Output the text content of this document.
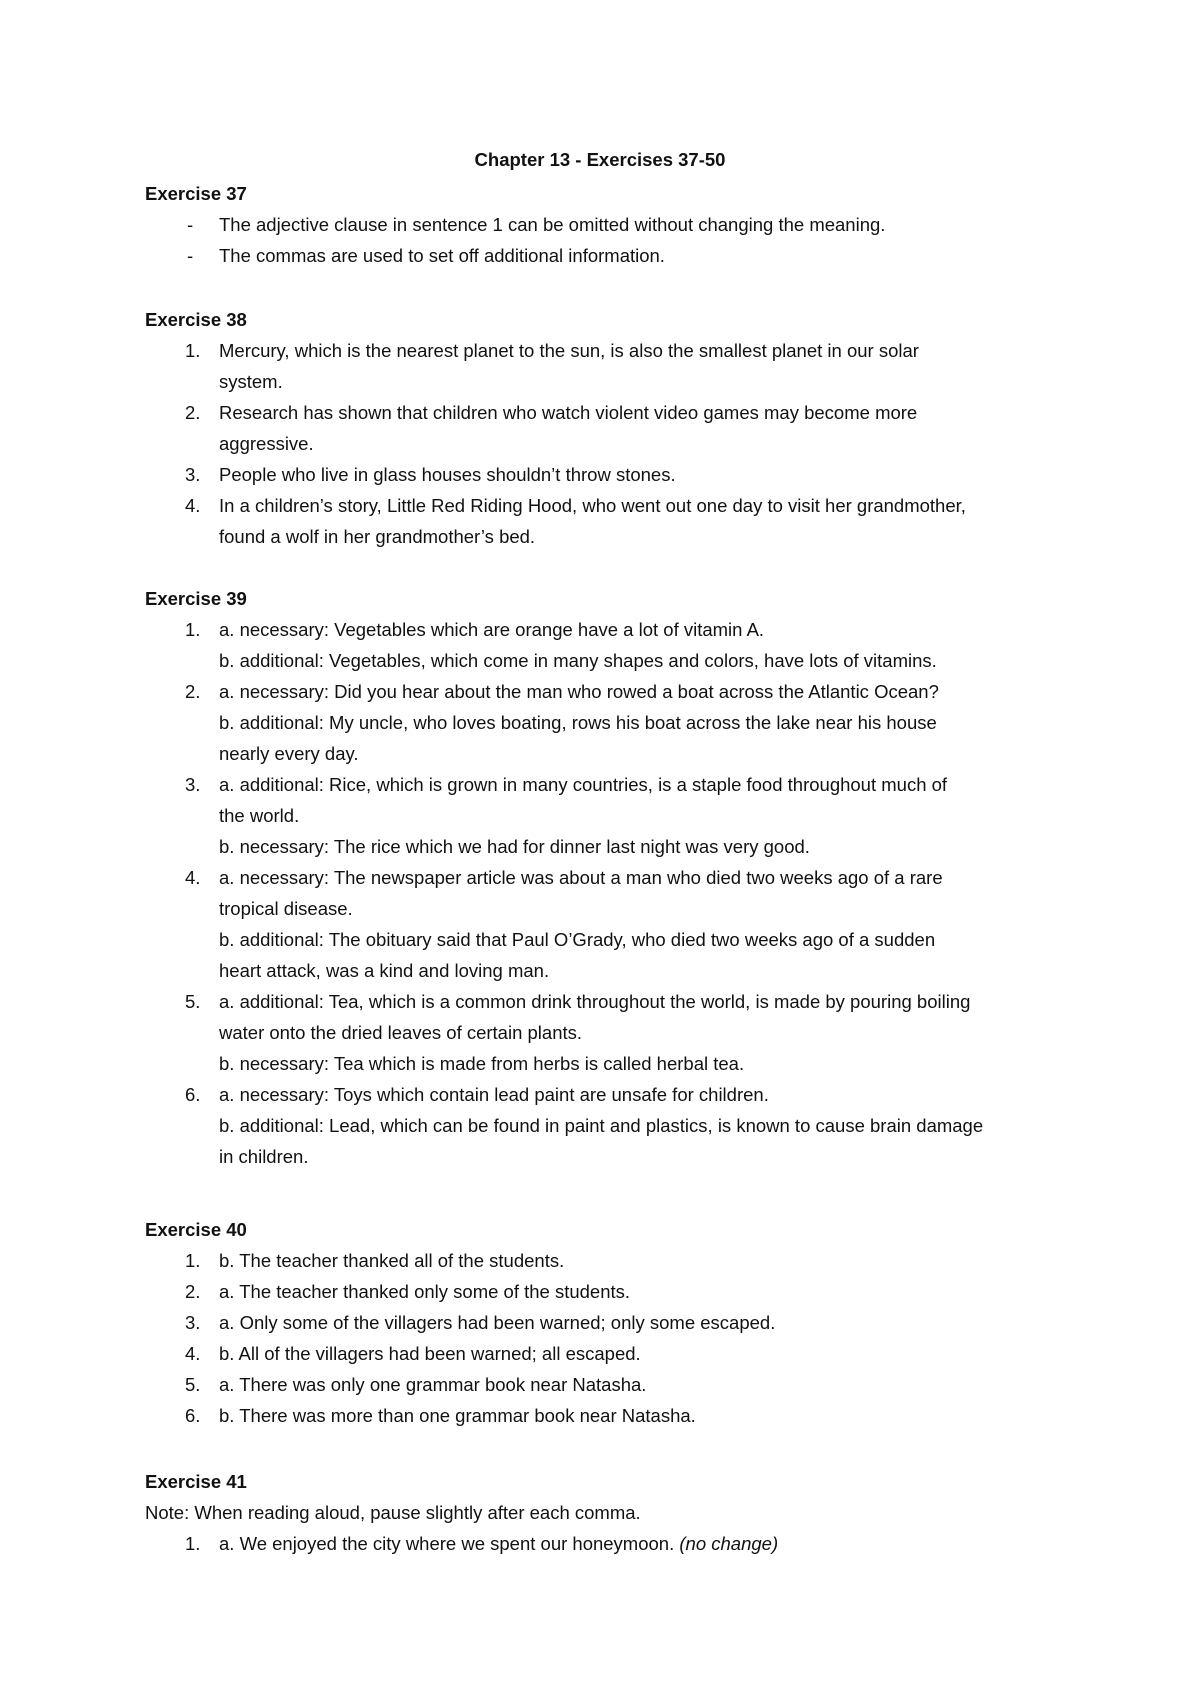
Chapter 13 - Exercises 37-50
Exercise 37
- The adjective clause in sentence 1 can be omitted without changing the meaning.
- The commas are used to set off additional information.
Exercise 38
1. Mercury, which is the nearest planet to the sun, is also the smallest planet in our solar
system.
2. Research has shown that children who watch violent video games may become more
aggressive.
3. People who live in glass houses shouldn’t throw stones.
4. In a children’s story, Little Red Riding Hood, who went out one day to visit her grandmother,
found a wolf in her grandmother’s bed.
Exercise 39
1. a. necessary: Vegetables which are orange have a lot of vitamin A.
b. additional: Vegetables, which come in many shapes and colors, have lots of vitamins.
2. a. necessary: Did you hear about the man who rowed a boat across the Atlantic Ocean?
b. additional: My uncle, who loves boating, rows his boat across the lake near his house
nearly every day.
3. a. additional: Rice, which is grown in many countries, is a staple food throughout much of
the world.
b. necessary: The rice which we had for dinner last night was very good.
4. a. necessary: The newspaper article was about a man who died two weeks ago of a rare
tropical disease.
b. additional: The obituary said that Paul O’Grady, who died two weeks ago of a sudden
heart attack, was a kind and loving man.
5. a. additional: Tea, which is a common drink throughout the world, is made by pouring boiling
water onto the dried leaves of certain plants.
b. necessary: Tea which is made from herbs is called herbal tea.
6. a. necessary: Toys which contain lead paint are unsafe for children.
b. additional: Lead, which can be found in paint and plastics, is known to cause brain damage
in children.
Exercise 40
1. b. The teacher thanked all of the students.
2. a. The teacher thanked only some of the students.
3. a. Only some of the villagers had been warned; only some escaped.
4. b. All of the villagers had been warned; all escaped.
5. a. There was only one grammar book near Natasha.
6. b. There was more than one grammar book near Natasha.
Exercise 41
Note: When reading aloud, pause slightly after each comma.
1. a. We enjoyed the city where we spent our honeymoon. (no change)
